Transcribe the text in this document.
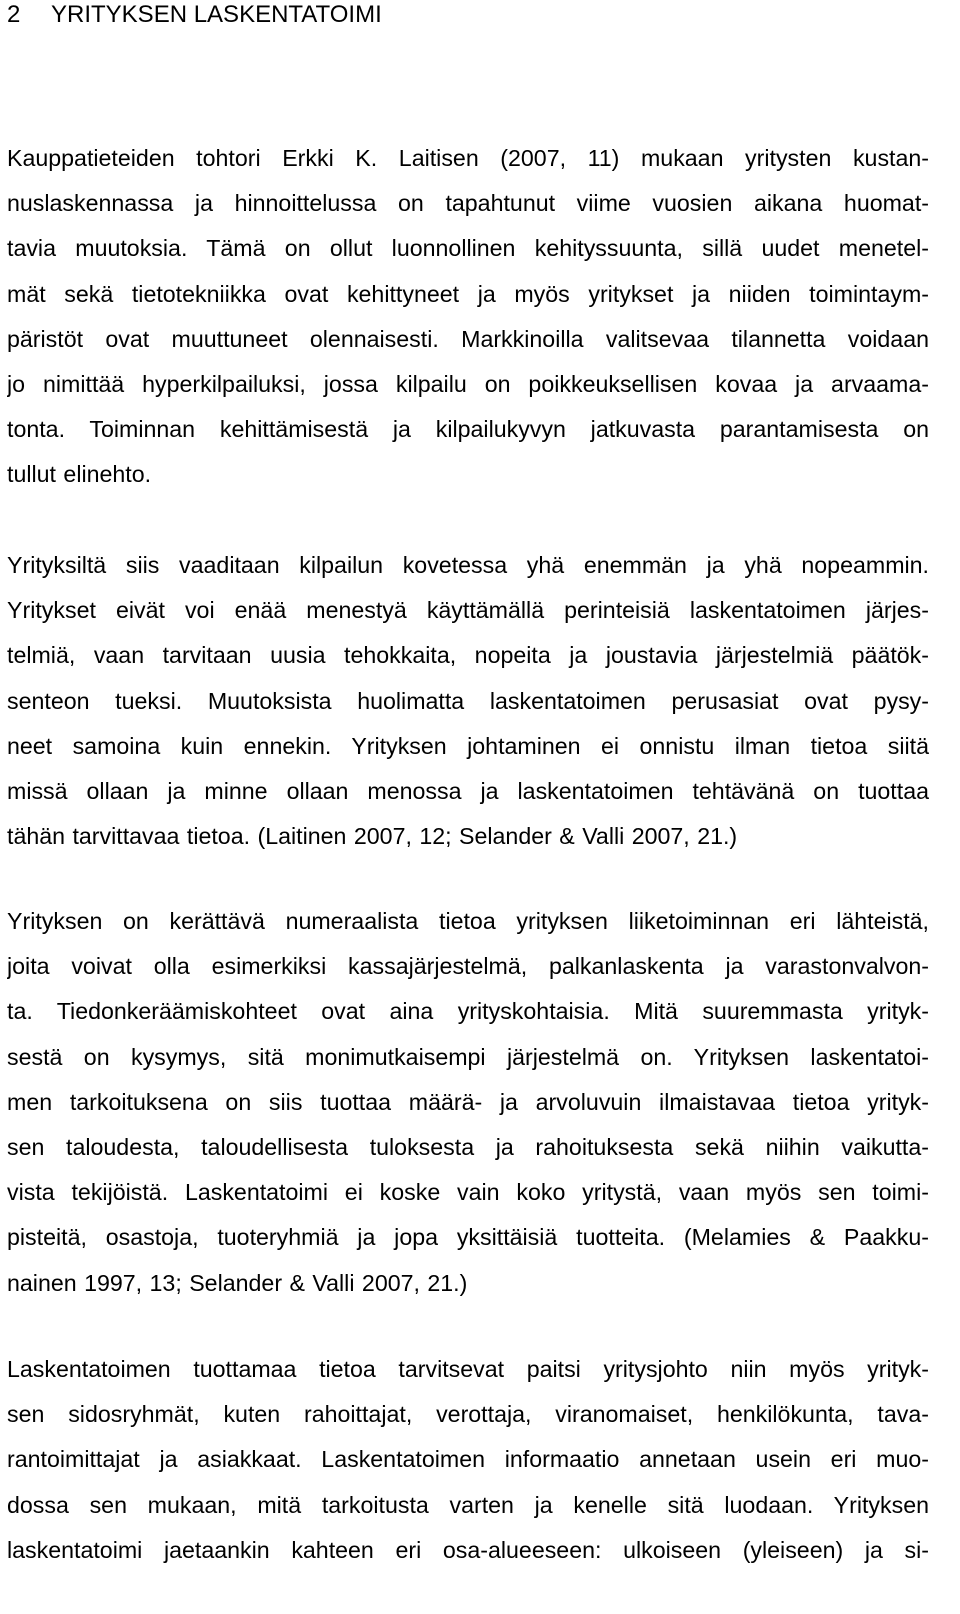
2 YRITYKSEN LASKENTATOIMI
Kauppatieteiden tohtori Erkki K. Laitisen (2007, 11) mukaan yritysten kustan-
nuslaskennassa ja hinnoittelussa on tapahtunut viime vuosien aikana huomat-
tavia muutoksia. Tämä on ollut luonnollinen kehityssuunta, sillä uudet menetel-
mät sekä tietotekniikka ovat kehittyneet ja myös yritykset ja niiden toimintaym-
päristöt ovat muuttuneet olennaisesti. Markkinoilla valitsevaa tilannetta voidaan
jo nimittää hyperkilpailuksi, jossa kilpailu on poikkeuksellisen kovaa ja arvaama-
tonta. Toiminnan kehittämisestä ja kilpailukyvyn jatkuvasta parantamisesta on
tullut elinehto.
Yrityksiltä siis vaaditaan kilpailun kovetessa yhä enemmän ja yhä nopeammin.
Yritykset eivät voi enää menestyä käyttämällä perinteisiä laskentatoimen järjes-
telmiä, vaan tarvitaan uusia tehokkaita, nopeita ja joustavia järjestelmiä päätök-
senteon tueksi. Muutoksista huolimatta laskentatoimen perusasiat ovat pysy-
neet samoina kuin ennekin. Yrityksen johtaminen ei onnistu ilman tietoa siitä
missä ollaan ja minne ollaan menossa ja laskentatoimen tehtävänä on tuottaa
tähän tarvittavaa tietoa. (Laitinen 2007, 12; Selander & Valli 2007, 21.)
Yrityksen on kerättävä numeraalista tietoa yrityksen liiketoiminnan eri lähteistä,
joita voivat olla esimerkiksi kassajärjestelmä, palkanlaskenta ja varastonvalvon-
ta. Tiedonkeräämiskohteet ovat aina yrityskohtaisia. Mitä suuremmasta yrityk-
sestä on kysymys, sitä monimutkaisempi järjestelmä on. Yrityksen laskentatoi-
men tarkoituksena on siis tuottaa määrä- ja arvoluvuin ilmaistavaa tietoa yrityk-
sen taloudesta, taloudellisesta tuloksesta ja rahoituksesta sekä niihin vaikutta-
vista tekijöistä. Laskentatoimi ei koske vain koko yritystä, vaan myös sen toimi-
pisteitä, osastoja, tuoteryhmiä ja jopa yksittäisiä tuotteita. (Melamies & Paakku-
nainen 1997, 13; Selander & Valli 2007, 21.)
Laskentatoimen tuottamaa tietoa tarvitsevat paitsi yritysjohto niin myös yrityk-
sen sidosryhmät, kuten rahoittajat, verottaja, viranomaiset, henkilökunta, tava-
rantoimittajat ja asiakkaat. Laskentatoimen informaatio annetaan usein eri muo-
dossa sen mukaan, mitä tarkoitusta varten ja kenelle sitä luodaan. Yrityksen
laskentatoimi jaetaankin kahteen eri osa-alueeseen: ulkoiseen (yleiseen) ja si-
